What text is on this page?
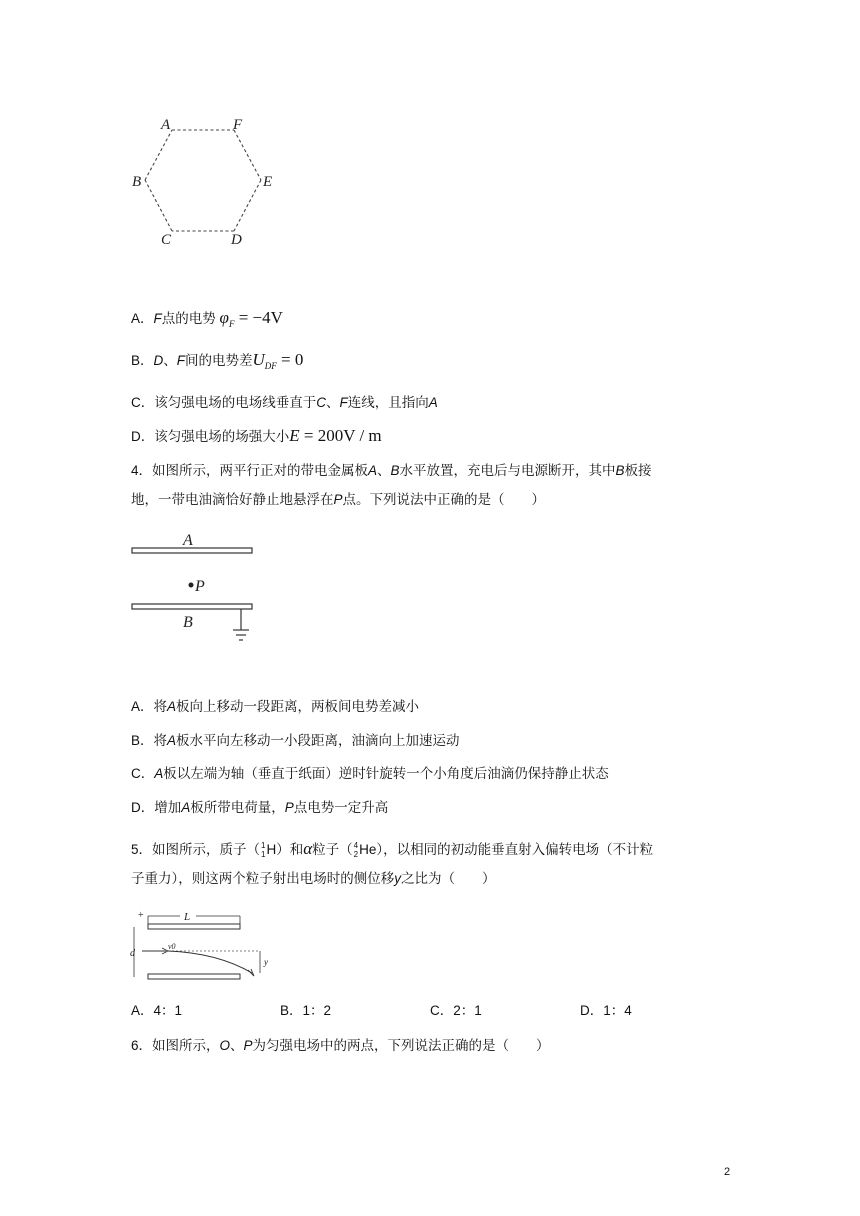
A	F
B	E
C	D
A．F点的电势 $\varphi_F = -4V$
B．D、F间的电势差$U_{DF} = 0$
C．该匀强电场的电场线垂直于C、F连线，且指向A
D．该匀强电场的场强大小E = 200V / m
4．如图所示，两平行正对的带电金属板A、B水平放置，充电后与电源断开，其中B板接
地，一带电油滴恰好静止地悬浮在P点。下列说法中正确的是（　　）
A
P
B
A．将A板向上移动一段距离，两板间电势差减小
B．将A板水平向左移动一小段距离，油滴向上加速运动
C．A板以左端为轴（垂直于纸面）逆时针旋转一个小角度后油滴仍保持静止状态
D．增加A板所带电荷量，P点电势一定升高
5．如图所示，质子（1
1H）和α粒子（4
2He），以相同的初动能垂直射入偏转电场（不计粒
子重力），则这两个粒子射出电场时的侧位移y之比为（　　）
+	L
d
v0
y
A．4：1	B．1：2	C．2：1	D．1：4
6．如图所示，O、P为匀强电场中的两点，下列说法正确的是（　　）
2
